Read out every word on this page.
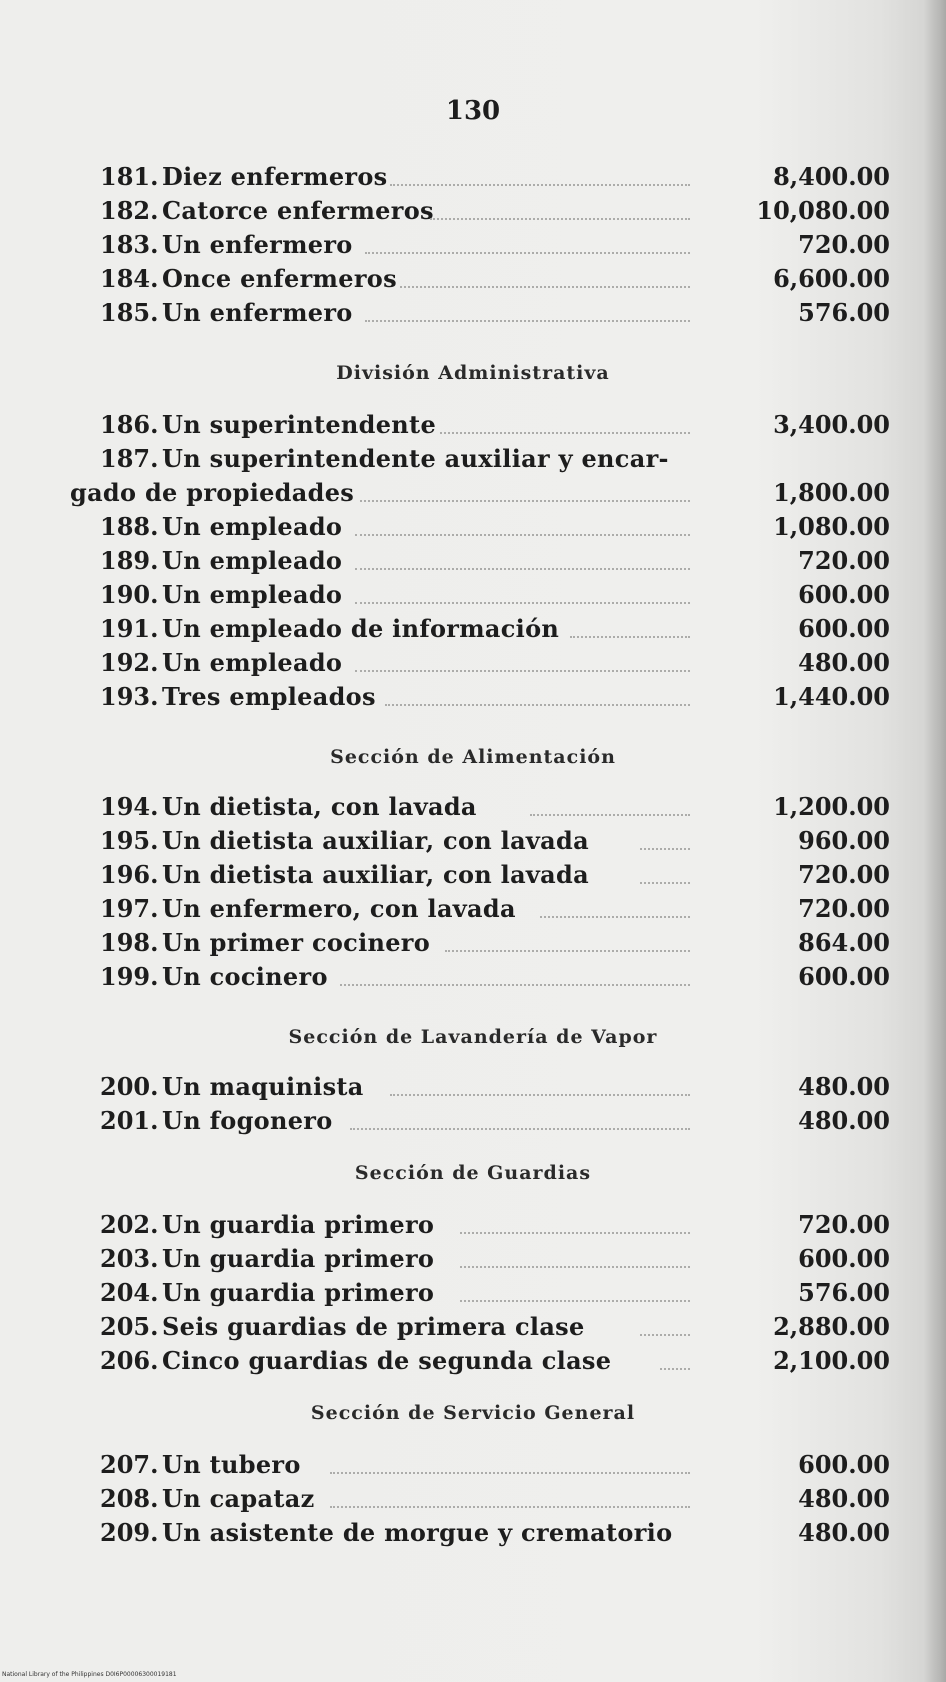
130
181. Diez enfermeros	8,400.00
182. Catorce enfermeros	10,080.00
183. Un enfermero	720.00
184. Once enfermeros	6,600.00
185. Un enfermero	576.00
División Administrativa
186. Un superintendente	3,400.00
187. Un superintendente auxiliar y encar-
gado de propiedades	1,800.00
188. Un empleado	1,080.00
189. Un empleado	720.00
190. Un empleado	600.00
191. Un empleado de información	600.00
192. Un empleado	480.00
193. Tres empleados	1,440.00
Sección de Alimentación
194. Un dietista, con lavada	1,200.00
195. Un dietista auxiliar, con lavada	960.00
196. Un dietista auxiliar, con lavada	720.00
197. Un enfermero, con lavada	720.00
198. Un primer cocinero	864.00
199. Un cocinero	600.00
Sección de Lavandería de Vapor
200. Un maquinista	480.00
201. Un fogonero	480.00
Sección de Guardias
202. Un guardia primero	720.00
203. Un guardia primero	600.00
204. Un guardia primero	576.00
205. Seis guardias de primera clase	2,880.00
206. Cinco guardias de segunda clase	2,100.00
Sección de Servicio General
207. Un tubero	600.00
208. Un capataz	480.00
209. Un asistente de morgue y crematorio	480.00
National Library of the Philippines D0I6P00006300019181
